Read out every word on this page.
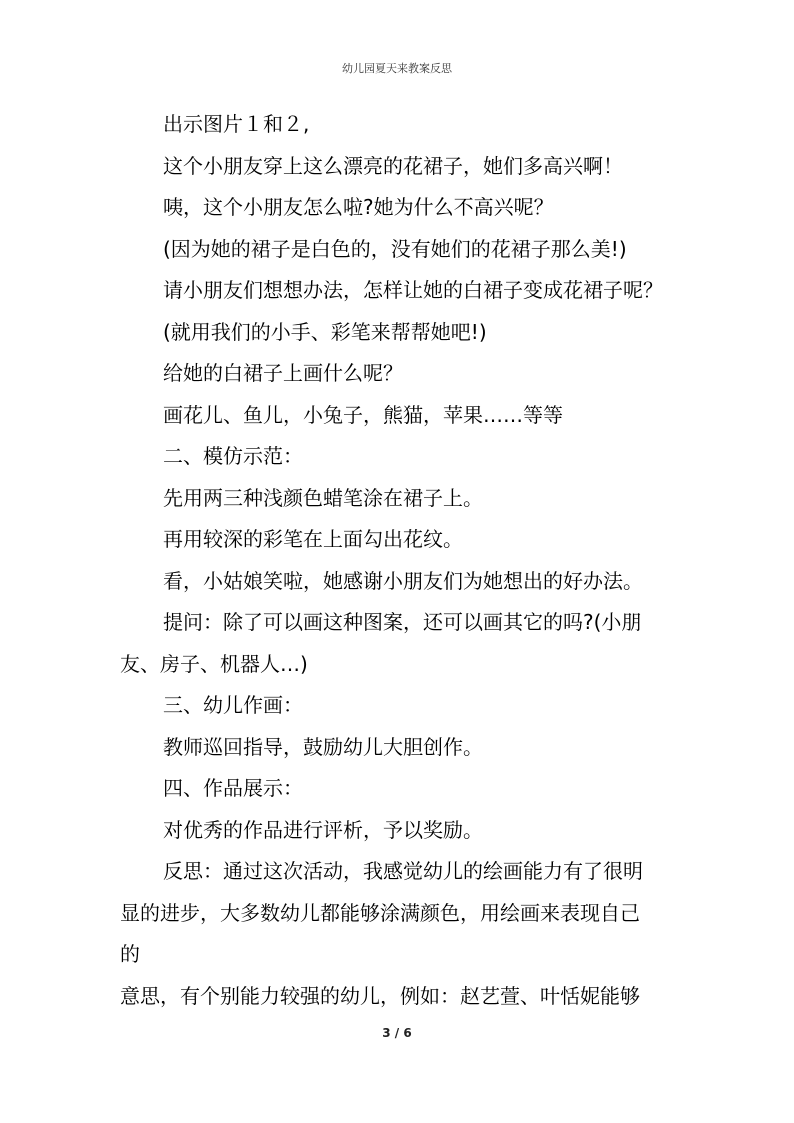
幼儿园夏天来教案反思

出示图片１和２,

这个小朋友穿上这么漂亮的花裙子，她们多高兴啊！

咦，这个小朋友怎么啦?她为什么不高兴呢？

(因为她的裙子是白色的，没有她们的花裙子那么美!)

请小朋友们想想办法，怎样让她的白裙子变成花裙子呢？

(就用我们的小手、彩笔来帮帮她吧!)

给她的白裙子上画什么呢？

画花儿、鱼儿，小兔子，熊猫，苹果……等等

二、模仿示范：

先用两三种浅颜色蜡笔涂在裙子上。

再用较深的彩笔在上面勾出花纹。

看，小姑娘笑啦，她感谢小朋友们为她想出的好办法。

提问：除了可以画这种图案，还可以画其它的吗?(小朋

友、房子、机器人…)

三、幼儿作画：

教师巡回指导，鼓励幼儿大胆创作。

四、作品展示：

对优秀的作品进行评析，予以奖励。

反思：通过这次活动，我感觉幼儿的绘画能力有了很明

显的进步，大多数幼儿都能够涂满颜色，用绘画来表现自己

的

意思，有个别能力较强的幼儿，例如：赵艺萱、叶恬妮能够

3 / 6
